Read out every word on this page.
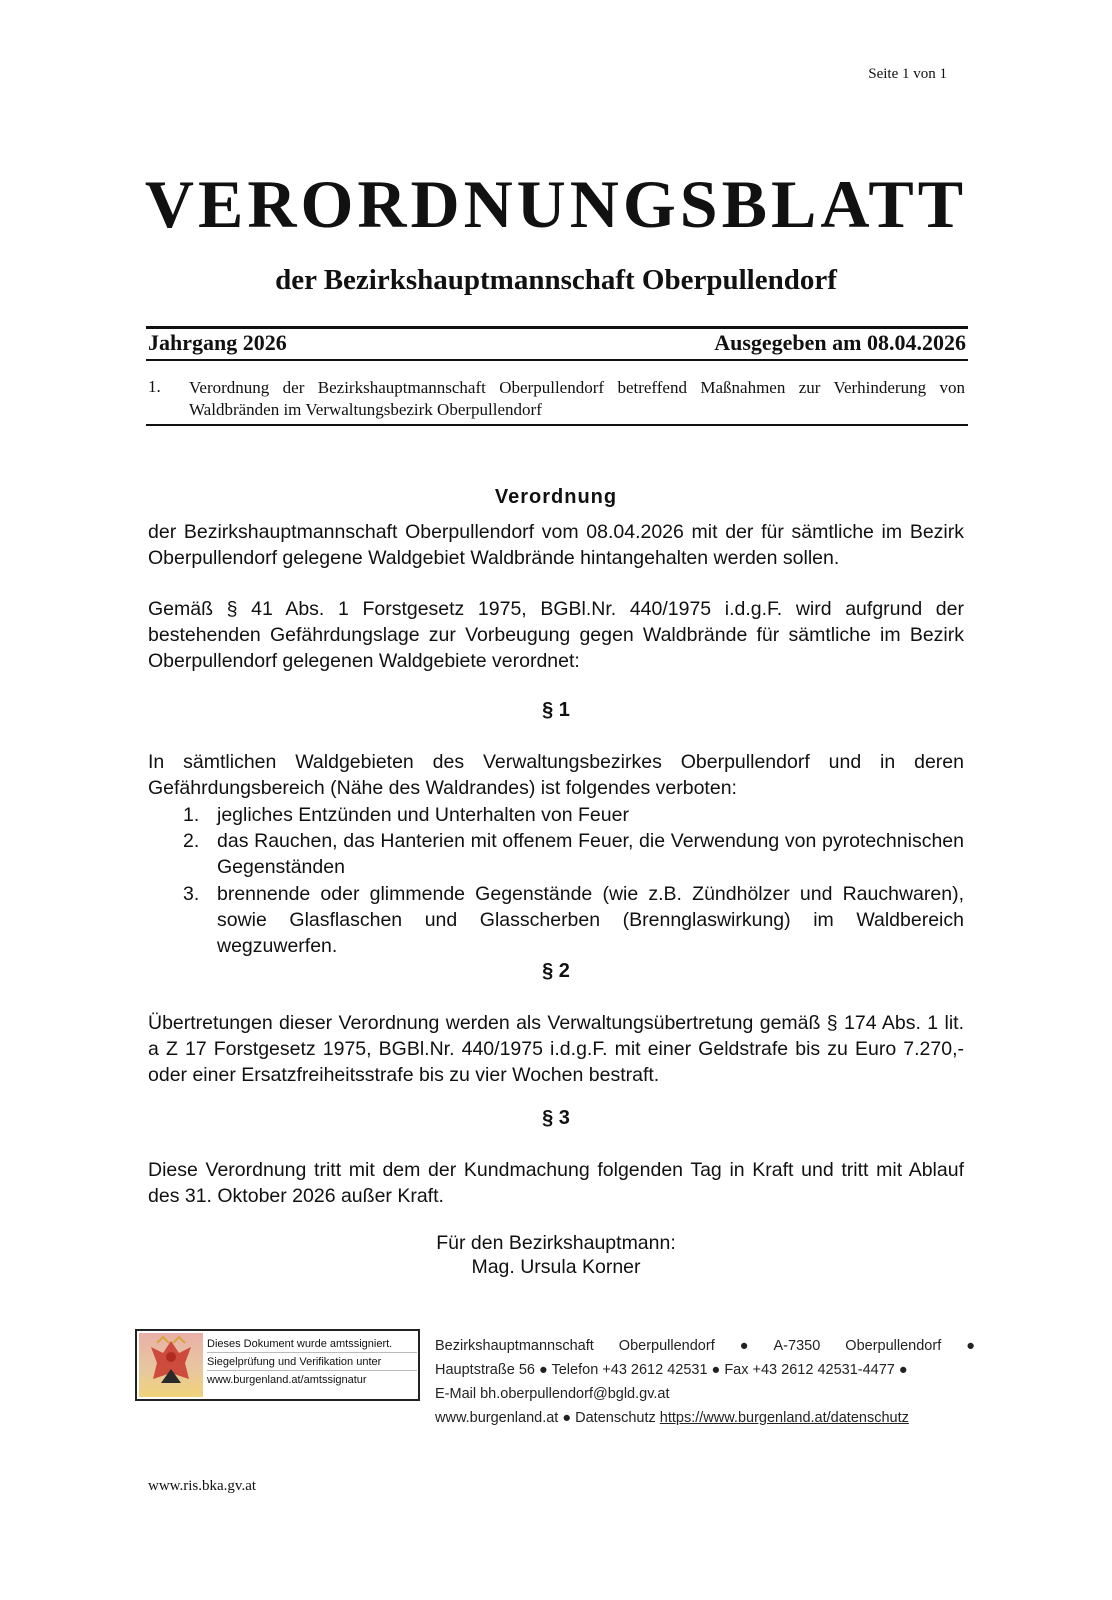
Seite 1 von 1
VERORDNUNGSBLATT
der Bezirkshauptmannschaft Oberpullendorf
Jahrgang 2026	Ausgegeben am 08.04.2026
1. Verordnung der Bezirkshauptmannschaft Oberpullendorf betreffend Maßnahmen zur Verhinderung von Waldbränden im Verwaltungsbezirk Oberpullendorf
Verordnung
der Bezirkshauptmannschaft Oberpullendorf vom 08.04.2026 mit der für sämtliche im Bezirk Oberpullendorf gelegene Waldgebiet Waldbrände hintangehalten werden sollen.
Gemäß § 41 Abs. 1 Forstgesetz 1975, BGBl.Nr. 440/1975 i.d.g.F. wird aufgrund der bestehenden Gefährdungslage zur Vorbeugung gegen Waldbrände für sämtliche im Bezirk Oberpullendorf gelegenen Waldgebiete verordnet:
§ 1
In sämtlichen Waldgebieten des Verwaltungsbezirkes Oberpullendorf und in deren Gefährdungsbereich (Nähe des Waldrandes) ist folgendes verboten:
1. jegliches Entzünden und Unterhalten von Feuer
2. das Rauchen, das Hanterien mit offenem Feuer, die Verwendung von pyrotechnischen Gegenständen
3. brennende oder glimmende Gegenstände (wie z.B. Zündhölzer und Rauchwaren), sowie Glasflaschen und Glasscherben (Brennglaswirkung) im Waldbereich wegzuwerfen.
§ 2
Übertretungen dieser Verordnung werden als Verwaltungsübertretung gemäß § 174 Abs. 1 lit. a Z 17 Forstgesetz 1975, BGBl.Nr. 440/1975 i.d.g.F. mit einer Geldstrafe bis zu Euro 7.270,- oder einer Ersatzfreiheitsstrafe bis zu vier Wochen bestraft.
§ 3
Diese Verordnung tritt mit dem der Kundmachung folgenden Tag in Kraft und tritt mit Ablauf des 31. Oktober 2026 außer Kraft.
Für den Bezirkshauptmann:
Mag. Ursula Korner
Dieses Dokument wurde amtssigniert.
Siegelprüfung und Verifikation unter
www.burgenland.at/amtssignatur
Bezirkshauptmannschaft Oberpullendorf ● A-7350 Oberpullendorf ●
Hauptstraße 56 ● Telefon +43 2612 42531 ● Fax +43 2612 42531-4477 ●
E-Mail bh.oberpullendorf@bgld.gv.at
www.burgenland.at ● Datenschutz https://www.burgenland.at/datenschutz
www.ris.bka.gv.at
